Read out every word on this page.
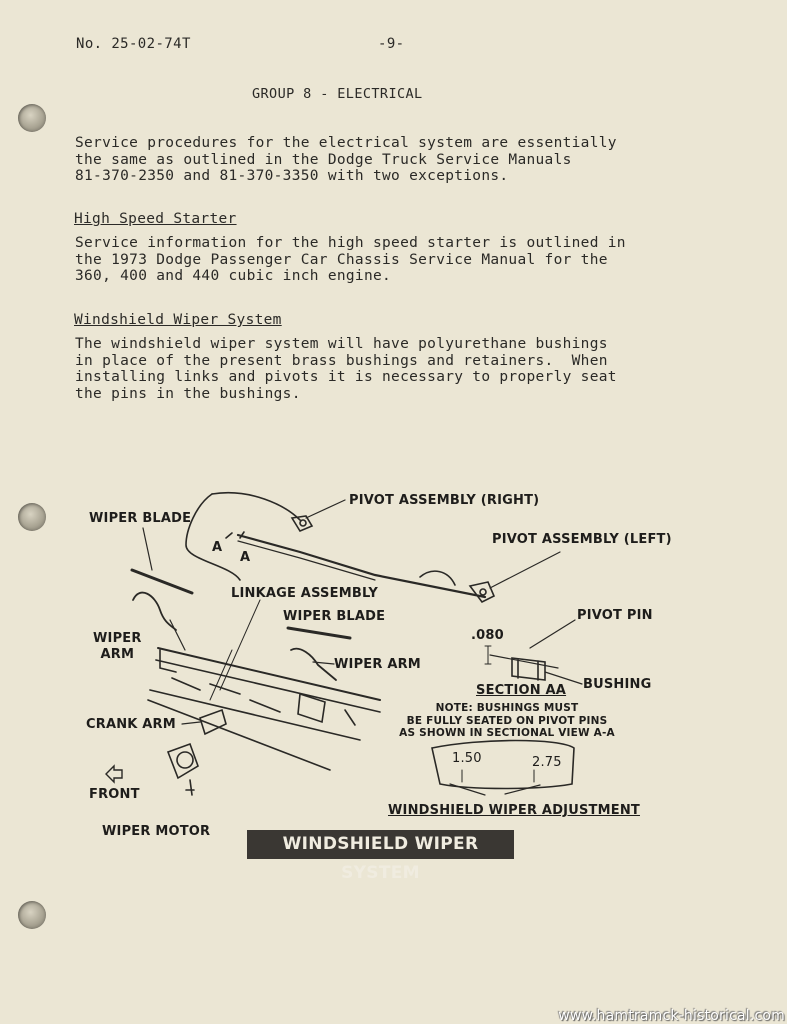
No. 25-02-74T	-9-
GROUP 8 - ELECTRICAL
Service procedures for the electrical system are essentially
the same as outlined in the Dodge Truck Service Manuals
81-370-2350 and 81-370-3350 with two exceptions.
High Speed Starter
Service information for the high speed starter is outlined in
the 1973 Dodge Passenger Car Chassis Service Manual for the
360, 400 and 440 cubic inch engine.
Windshield Wiper System
The windshield wiper system will have polyurethane bushings
in place of the present brass bushings and retainers.  When
installing links and pivots it is necessary to properly seat
the pins in the bushings.
WIPER BLADE
PIVOT ASSEMBLY (RIGHT)
PIVOT ASSEMBLY (LEFT)
A
A
LINKAGE ASSEMBLY
WIPER
ARM
WIPER BLADE
WIPER ARM
PIVOT PIN
.080
BUSHING
SECTION AA
NOTE: BUSHINGS MUST
BE FULLY SEATED ON PIVOT PINS
AS SHOWN IN SECTIONAL VIEW A-A
CRANK ARM
FRONT
WIPER MOTOR
1.50	2.75
WINDSHIELD WIPER ADJUSTMENT
WINDSHIELD WIPER SYSTEM
www.hamtramck-historical.com
